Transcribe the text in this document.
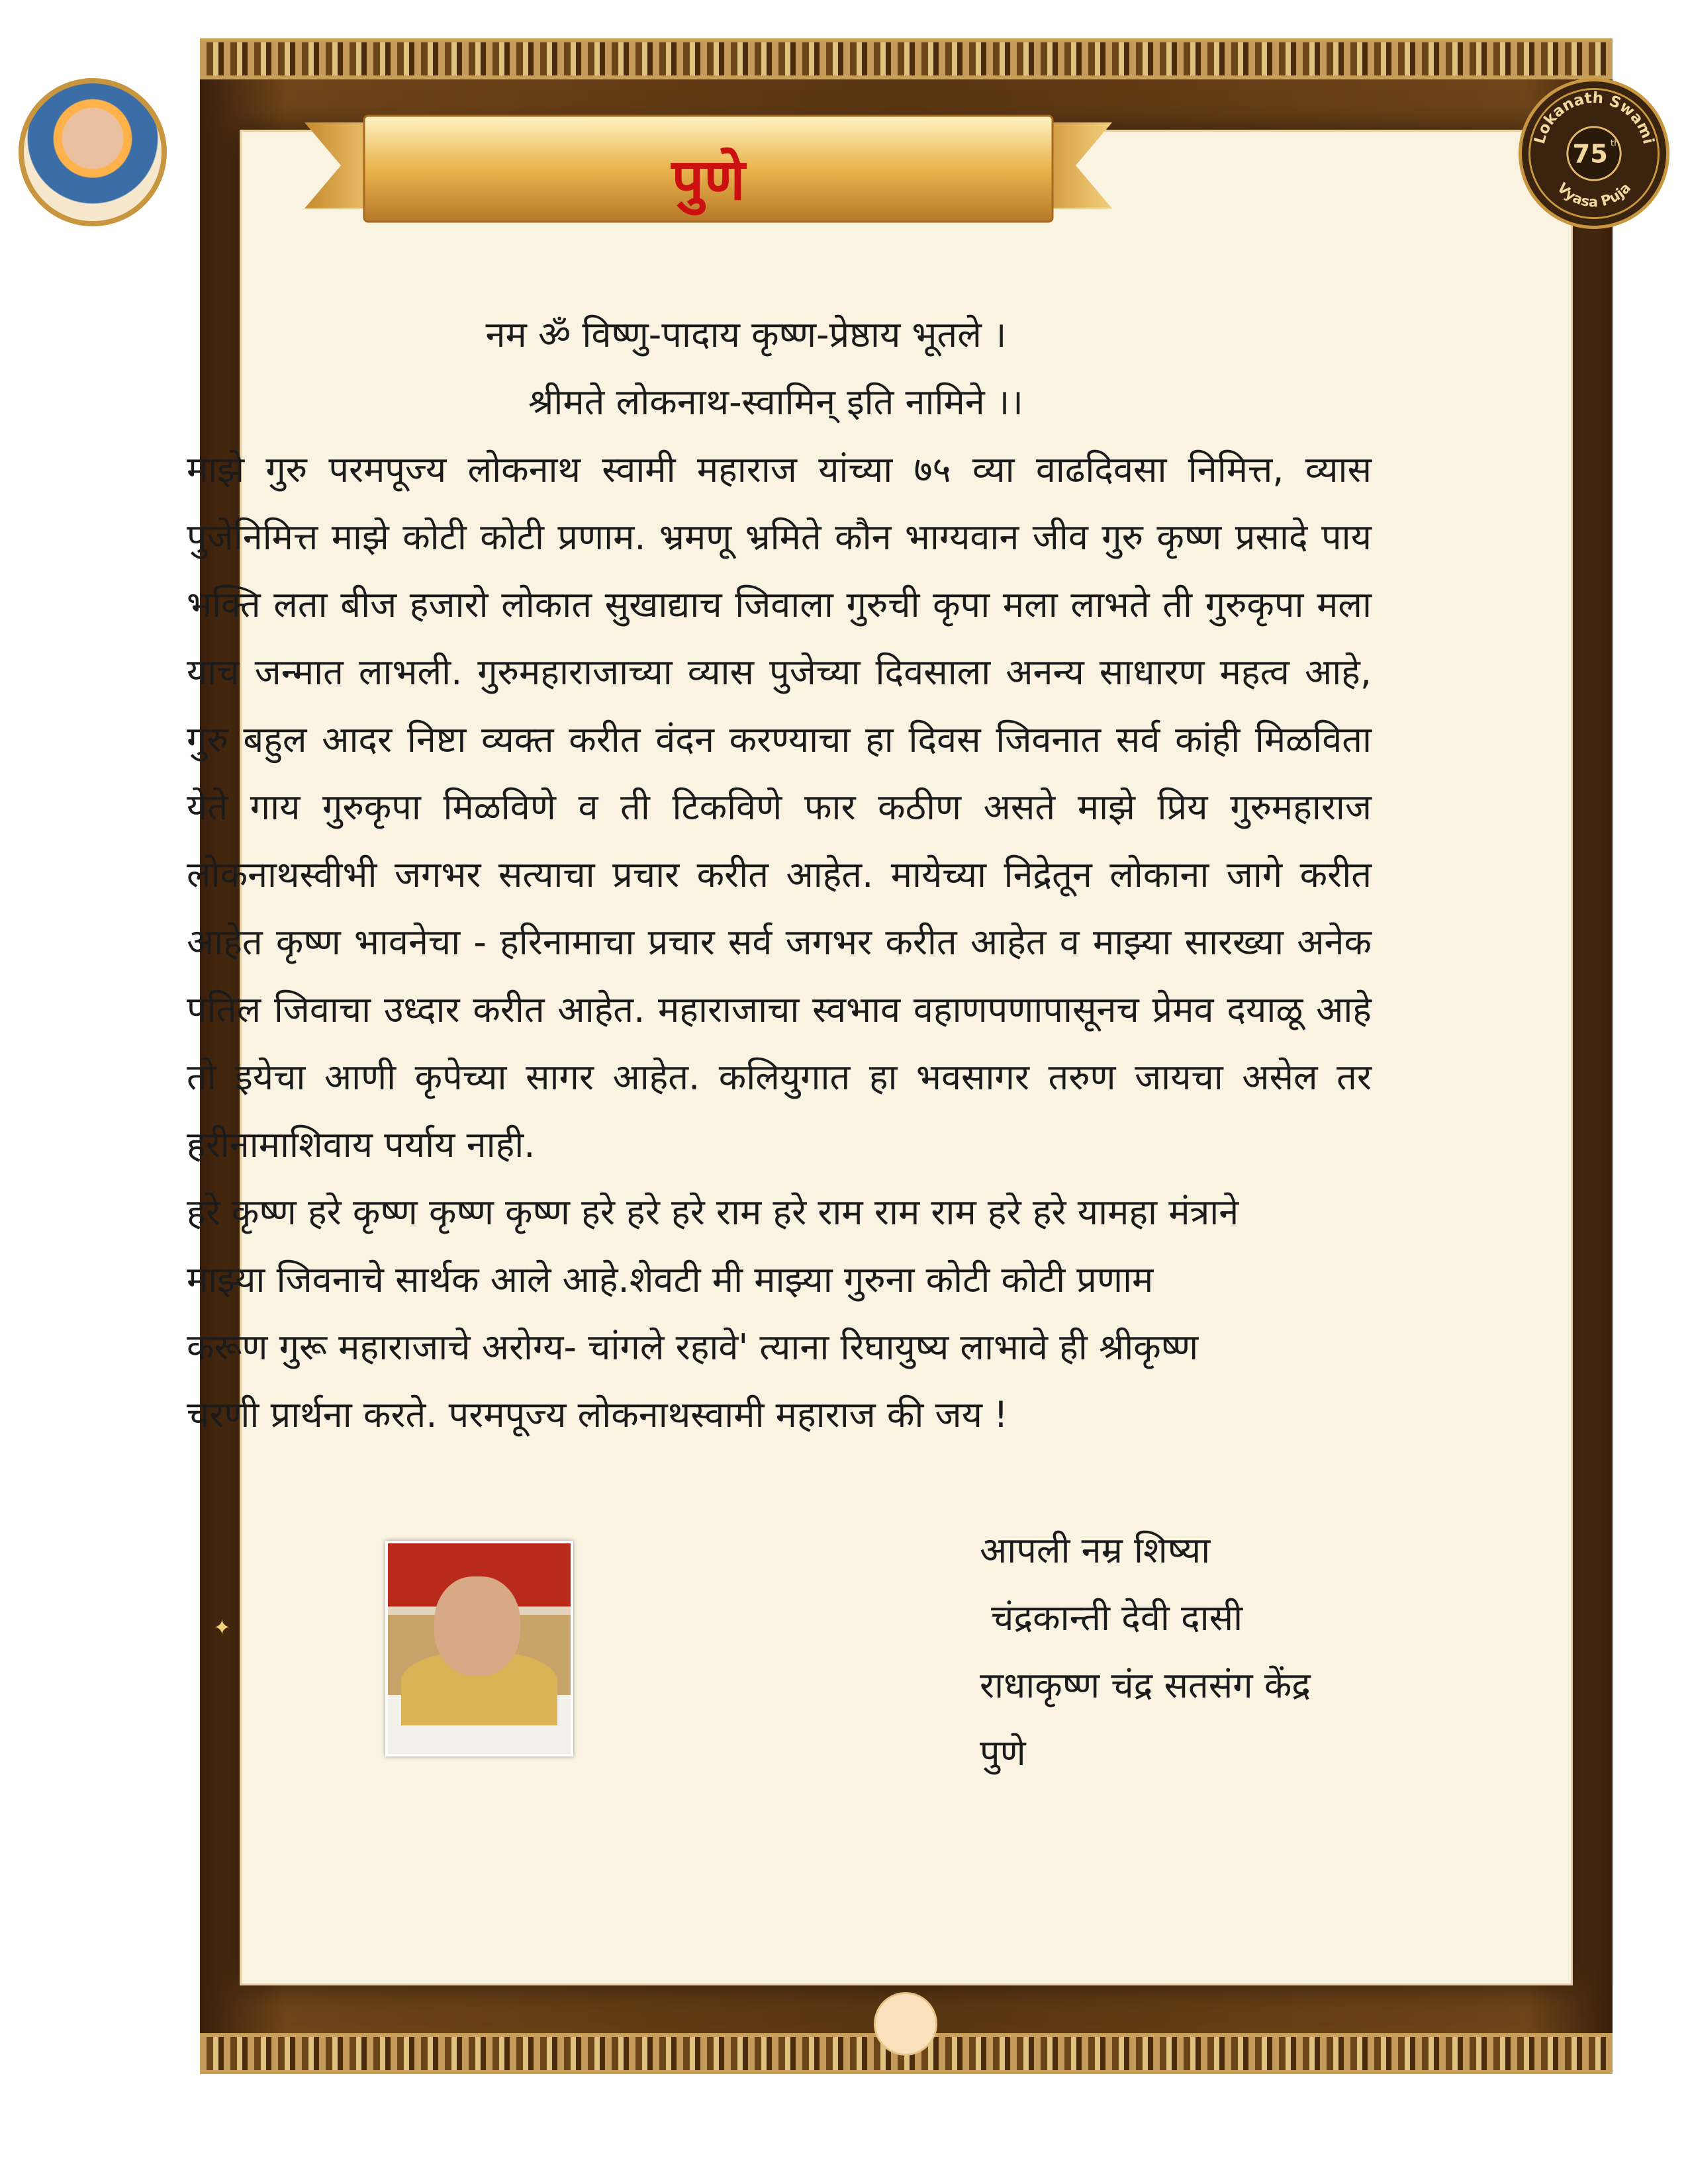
Lokanath Swami
Vyasa Puja
75 th
पुणे
नम ॐ विष्णु-पादाय कृष्ण-प्रेष्ठाय भूतले ।
श्रीमते लोकनाथ-स्वामिन् इति नामिने ।।
माझे गुरु परमपूज्य लोकनाथ स्वामी महाराज यांच्या ७५ व्या वाढदिवसा निमित्त, व्यास पुजेनिमित्त माझे कोटी कोटी प्रणाम. भ्रमणू भ्रमिते कौन भाग्यवान जीव गुरु कृष्ण प्रसादे पाय भक्ति लता बीज हजारो लोकात सुखाद्याच जिवाला गुरुची कृपा मला लाभते ती गुरुकृपा मला याच जन्मात लाभली. गुरुमहाराजाच्या व्यास पुजेच्या दिवसाला अनन्य साधारण महत्व आहे, गुरु बहुल आदर निष्टा व्यक्त करीत वंदन करण्याचा हा दिवस जिवनात सर्व कांही मिळविता येते गाय गुरुकृपा मिळविणे व ती टिकविणे फार कठीण असते माझे प्रिय गुरुमहाराज लोकनाथस्वीभी जगभर सत्याचा प्रचार करीत आहेत. मायेच्या निद्रेतून लोकाना जागे करीत आहेत कृष्ण भावनेचा - हरिनामाचा प्रचार सर्व जगभर करीत आहेत व माझ्या सारख्या अनेक पतिल जिवाचा उध्दार करीत आहेत. महाराजाचा स्वभाव वहाणपणापासूनच प्रेमव दयाळू आहे तो इयेचा आणी कृपेच्या सागर आहेत. कलियुगात हा भवसागर तरुण जायचा असेल तर हरीनामाशिवाय पर्याय नाही.
हरे कृष्ण हरे कृष्ण कृष्ण कृष्ण हरे हरे हरे राम हरे राम राम राम हरे हरे यामहा मंत्राने
माझ्या जिवनाचे सार्थक आले आहे.शेवटी मी माझ्या गुरुना कोटी कोटी प्रणाम
करूण गुरू महाराजाचे अरोग्य- चांगले रहावे' त्याना रिघायुष्य लाभावे ही श्रीकृष्ण
चरणी प्रार्थना करते. परमपूज्य लोकनाथस्वामी महाराज की जय !
आपली नम्र शिष्या
चंद्रकान्ती देवी दासी
राधाकृष्ण चंद्र सतसंग केंद्र
पुणे
✦
